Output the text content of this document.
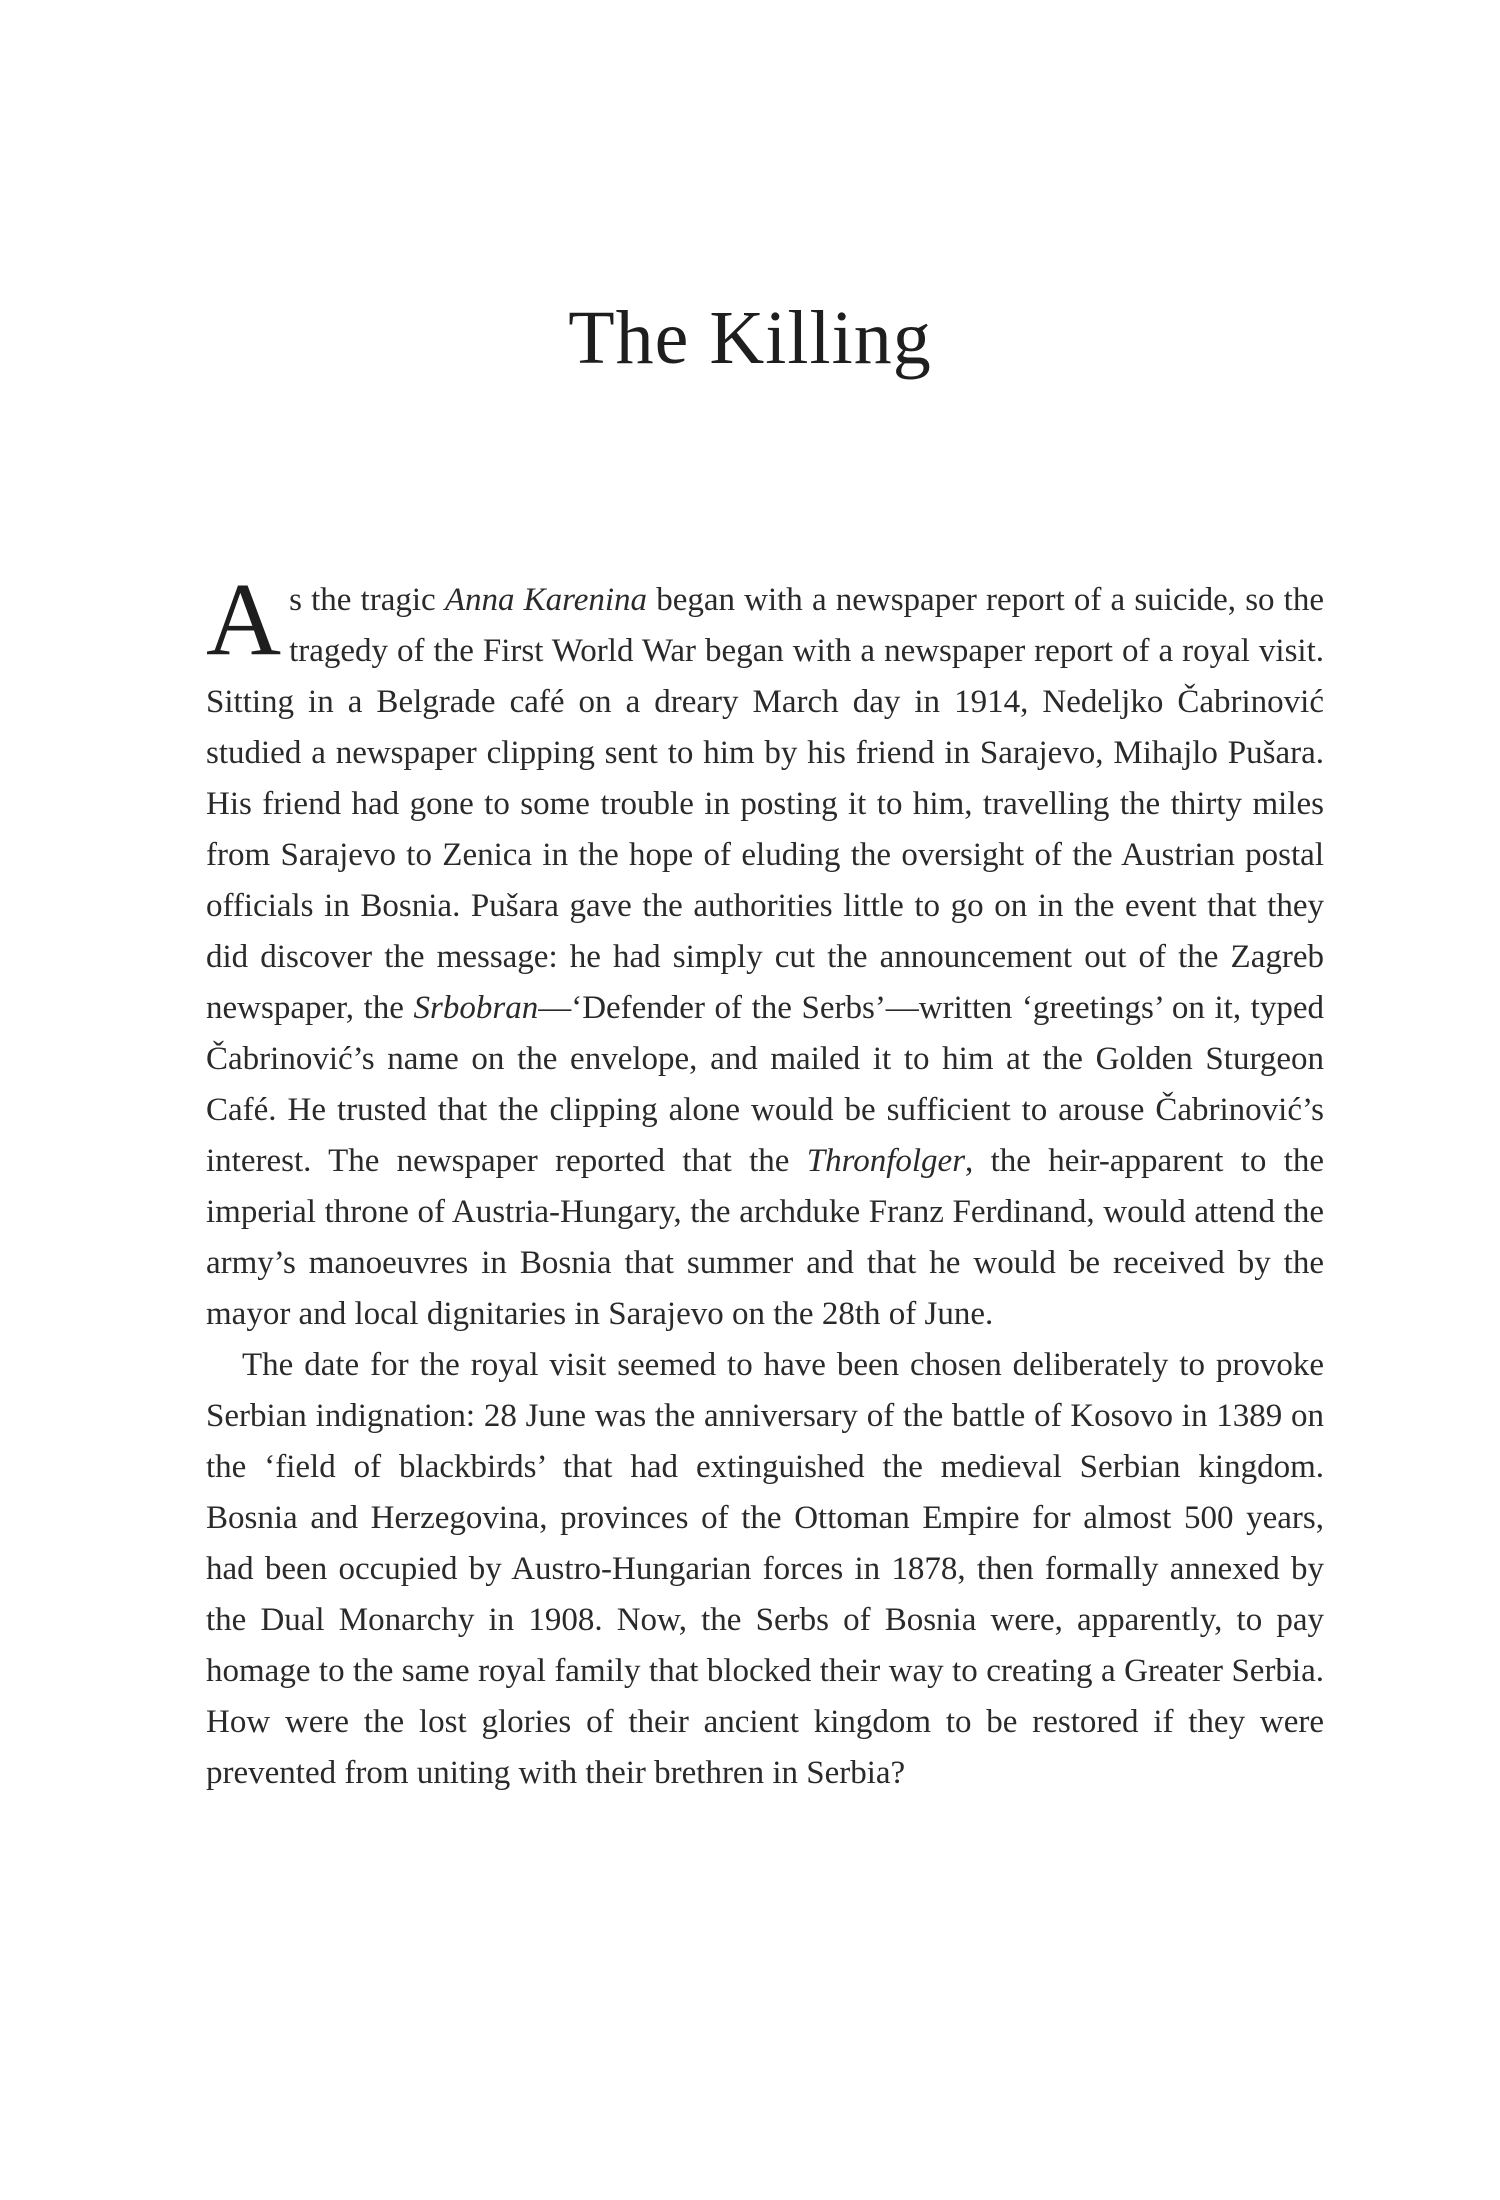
The Killing

As the tragic Anna Karenina began with a newspaper report of a suicide, so the tragedy of the First World War began with a newspaper report of a royal visit. Sitting in a Belgrade café on a dreary March day in 1914, Nedeljko Čabrinović studied a newspaper clipping sent to him by his friend in Sarajevo, Mihajlo Pušara. His friend had gone to some trouble in posting it to him, travelling the thirty miles from Sarajevo to Zenica in the hope of eluding the oversight of the Austrian postal officials in Bosnia. Pušara gave the authorities little to go on in the event that they did discover the message: he had simply cut the announcement out of the Zagreb newspaper, the Srbobran—‘Defender of the Serbs’—written ‘greetings’ on it, typed Čabrinović’s name on the envelope, and mailed it to him at the Golden Sturgeon Café. He trusted that the clipping alone would be sufficient to arouse Čabrinović’s interest. The newspaper reported that the Thronfolger, the heir-apparent to the imperial throne of Austria-Hungary, the archduke Franz Ferdinand, would attend the army’s manoeuvres in Bosnia that summer and that he would be received by the mayor and local dignitaries in Sarajevo on the 28th of June.

The date for the royal visit seemed to have been chosen deliberately to provoke Serbian indignation: 28 June was the anniversary of the battle of Kosovo in 1389 on the ‘field of blackbirds’ that had extinguished the medieval Serbian kingdom. Bosnia and Herzegovina, provinces of the Ottoman Empire for almost 500 years, had been occupied by Austro-Hungarian forces in 1878, then formally annexed by the Dual Monarchy in 1908. Now, the Serbs of Bosnia were, apparently, to pay homage to the same royal family that blocked their way to creating a Greater Serbia. How were the lost glories of their ancient kingdom to be restored if they were prevented from uniting with their brethren in Serbia?
